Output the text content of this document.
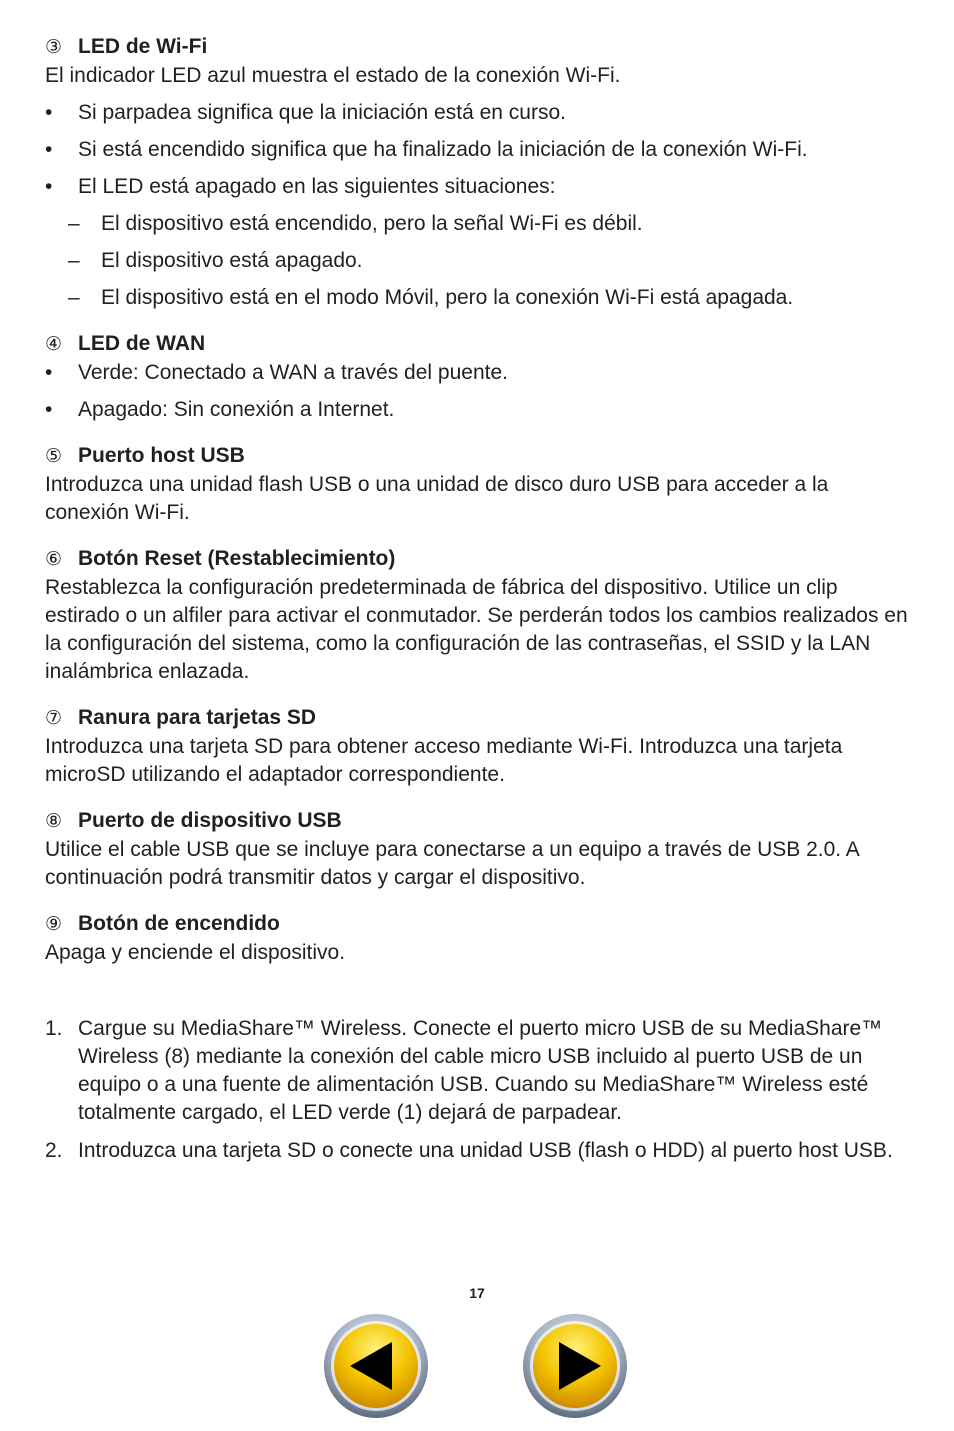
③ LED de Wi-Fi

El indicador LED azul muestra el estado de la conexión Wi-Fi.

•	Si parpadea significa que la iniciación está en curso.
•	Si está encendido significa que ha finalizado la iniciación de la conexión Wi-Fi.
•	El LED está apagado en las siguientes situaciones:
–	El dispositivo está encendido, pero la señal Wi-Fi es débil.
–	El dispositivo está apagado.
–	El dispositivo está en el modo Móvil, pero la conexión Wi-Fi está apagada.
④ LED de WAN
•	Verde: Conectado a WAN a través del puente.
•	Apagado: Sin conexión a Internet.
⑤ Puerto host USB

Introduzca una unidad flash USB o una unidad de disco duro USB para acceder a la conexión Wi-Fi.

⑥ Botón Reset (Restablecimiento)

Restablezca la configuración predeterminada de fábrica del dispositivo. Utilice un clip estirado o un alfiler para activar el conmutador. Se perderán todos los cambios realizados en la configuración del sistema, como la configuración de las contraseñas, el SSID y la LAN inalámbrica enlazada.

⑦ Ranura para tarjetas SD

Introduzca una tarjeta SD para obtener acceso mediante Wi-Fi. Introduzca una tarjeta microSD utilizando el adaptador correspondiente.

⑧ Puerto de dispositivo USB

Utilice el cable USB que se incluye para conectarse a un equipo a través de USB 2.0. A continuación podrá transmitir datos y cargar el dispositivo.

⑨ Botón de encendido

Apaga y enciende el dispositivo.

1. Cargue su MediaShare™ Wireless. Conecte el puerto micro USB de su MediaShare™ Wireless (8) mediante la conexión del cable micro USB incluido al puerto USB de un equipo o a una fuente de alimentación USB. Cuando su MediaShare™ Wireless esté totalmente cargado, el LED verde (1) dejará de parpadear.
2. Introduzca una tarjeta SD o conecte una unidad USB (flash o HDD) al puerto host USB.
17
